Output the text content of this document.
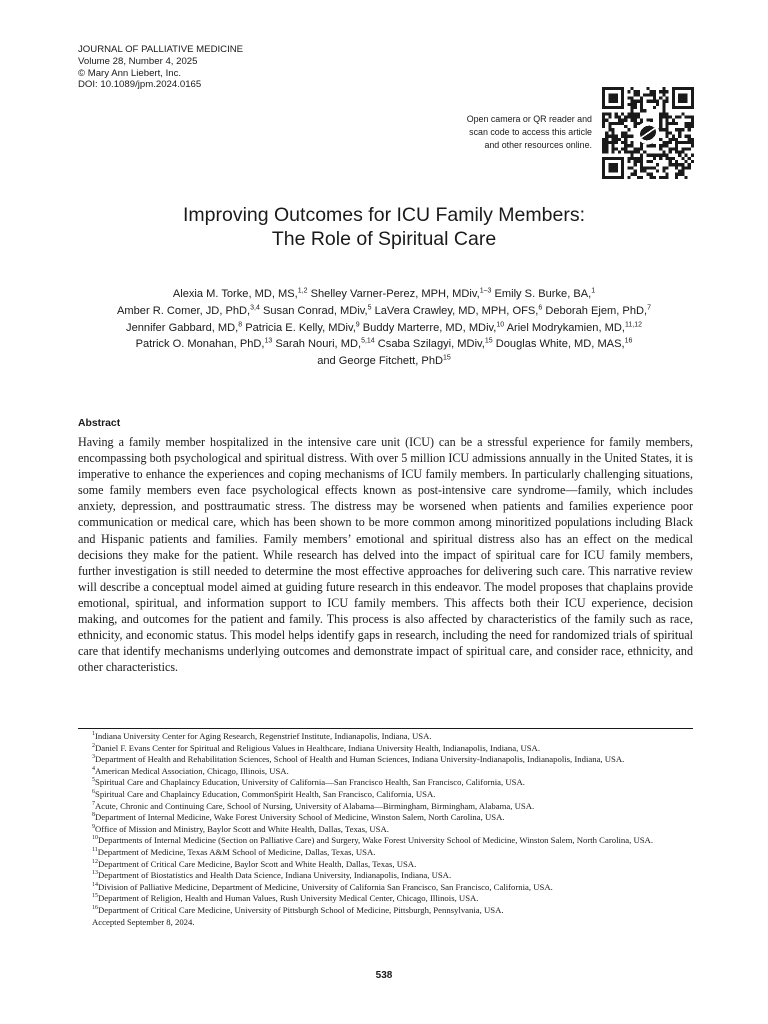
JOURNAL OF PALLIATIVE MEDICINE
Volume 28, Number 4, 2025
© Mary Ann Liebert, Inc.
DOI: 10.1089/jpm.2024.0165
Open camera or QR reader and
scan code to access this article
and other resources online.
Improving Outcomes for ICU Family Members:
The Role of Spiritual Care
Alexia M. Torke, MD, MS,$^{1,2}$ Shelley Varner-Perez, MPH, MDiv,$^{1-3}$ Emily S. Burke, BA,$^1$
Amber R. Comer, JD, PhD,$^{3,4}$ Susan Conrad, MDiv,$^5$ LaVera Crawley, MD, MPH, OFS,$^6$ Deborah Ejem, PhD,$^7$
Jennifer Gabbard, MD,$^8$ Patricia E. Kelly, MDiv,$^9$ Buddy Marterre, MD, MDiv,$^{10}$ Ariel Modrykamien, MD,$^{11,12}$
Patrick O. Monahan, PhD,$^{13}$ Sarah Nouri, MD,$^{5,14}$ Csaba Szilagyi, MDiv,$^{15}$ Douglas White, MD, MAS,$^{16}$
and George Fitchett, PhD$^{15}$
Abstract
Having a family member hospitalized in the intensive care unit (ICU) can be a stressful experience for family members, encompassing both psychological and spiritual distress. With over 5 million ICU admissions annually in the United States, it is imperative to enhance the experiences and coping mechanisms of ICU family members. In particularly challenging situations, some family members even face psychological effects known as post-intensive care syndrome—family, which includes anxiety, depression, and posttraumatic stress. The distress may be worsened when patients and families experience poor communication or medical care, which has been shown to be more common among minoritized populations including Black and Hispanic patients and families. Family members’ emotional and spiritual distress also has an effect on the medical decisions they make for the patient. While research has delved into the impact of spiritual care for ICU family members, further investigation is still needed to determine the most effective approaches for delivering such care. This narrative review will describe a conceptual model aimed at guiding future research in this endeavor. The model proposes that chaplains provide emotional, spiritual, and information support to ICU family members. This affects both their ICU experience, decision making, and outcomes for the patient and family. This process is also affected by characteristics of the family such as race, ethnicity, and economic status. This model helps identify gaps in research, including the need for randomized trials of spiritual care that identify mechanisms underlying outcomes and demonstrate impact of spiritual care, and consider race, ethnicity, and other characteristics.

$^1$Indiana University Center for Aging Research, Regenstrief Institute, Indianapolis, Indiana, USA.

$^2$Daniel F. Evans Center for Spiritual and Religious Values in Healthcare, Indiana University Health, Indianapolis, Indiana, USA.

$^3$Department of Health and Rehabilitation Sciences, School of Health and Human Sciences, Indiana University-Indianapolis, Indianapolis, Indiana, USA.

$^4$American Medical Association, Chicago, Illinois, USA.

$^5$Spiritual Care and Chaplaincy Education, University of California—San Francisco Health, San Francisco, California, USA.

$^6$Spiritual Care and Chaplaincy Education, CommonSpirit Health, San Francisco, California, USA.

$^7$Acute, Chronic and Continuing Care, School of Nursing, University of Alabama—Birmingham, Birmingham, Alabama, USA.

$^8$Department of Internal Medicine, Wake Forest University School of Medicine, Winston Salem, North Carolina, USA.

$^9$Office of Mission and Ministry, Baylor Scott and White Health, Dallas, Texas, USA.

$^{10}$Departments of Internal Medicine (Section on Palliative Care) and Surgery, Wake Forest University School of Medicine, Winston Salem, North Carolina, USA.

$^{11}$Department of Medicine, Texas A&M School of Medicine, Dallas, Texas, USA.

$^{12}$Department of Critical Care Medicine, Baylor Scott and White Health, Dallas, Texas, USA.

$^{13}$Department of Biostatistics and Health Data Science, Indiana University, Indianapolis, Indiana, USA.

$^{14}$Division of Palliative Medicine, Department of Medicine, University of California San Francisco, San Francisco, California, USA.

$^{15}$Department of Religion, Health and Human Values, Rush University Medical Center, Chicago, Illinois, USA.

$^{16}$Department of Critical Care Medicine, University of Pittsburgh School of Medicine, Pittsburgh, Pennsylvania, USA.

Accepted September 8, 2024.

538
